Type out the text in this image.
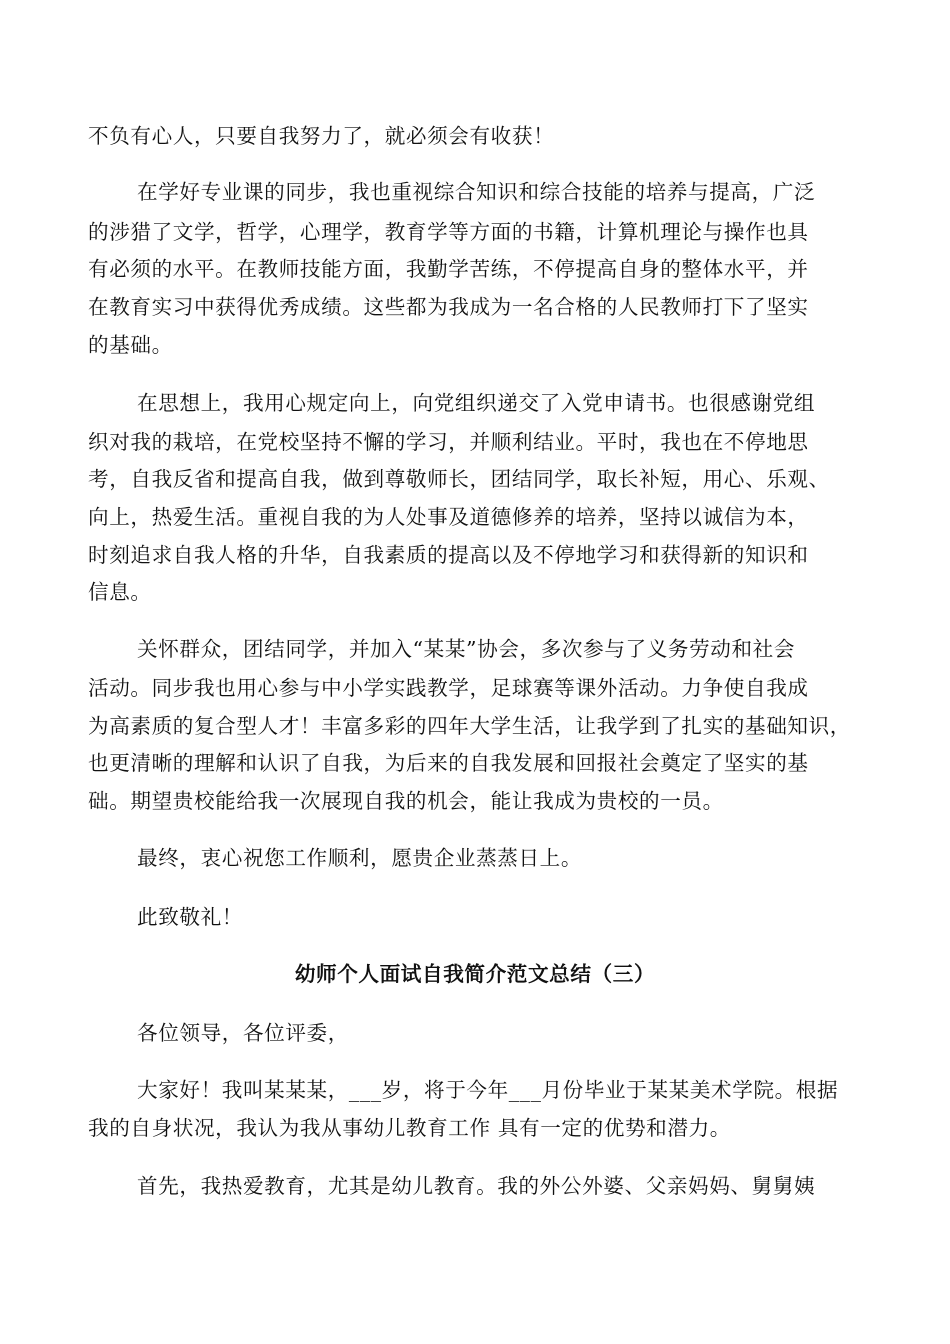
不负有心人，只要自我努力了，就必须会有收获！
在学好专业课的同步，我也重视综合知识和综合技能的培养与提高，广泛
的涉猎了文学，哲学，心理学，教育学等方面的书籍，计算机理论与操作也具
有必须的水平。在教师技能方面，我勤学苦练，不停提高自身的整体水平，并
在教育实习中获得优秀成绩。这些都为我成为一名合格的人民教师打下了坚实
的基础。
在思想上，我用心规定向上，向党组织递交了入党申请书。也很感谢党组
织对我的栽培，在党校坚持不懈的学习，并顺利结业。平时，我也在不停地思
考，自我反省和提高自我，做到尊敬师长，团结同学，取长补短，用心、乐观、
向上，热爱生活。重视自我的为人处事及道德修养的培养，坚持以诚信为本，
时刻追求自我人格的升华，自我素质的提高以及不停地学习和获得新的知识和
信息。
关怀群众，团结同学，并加入“某某”协会，多次参与了义务劳动和社会
活动。同步我也用心参与中小学实践教学，足球赛等课外活动。力争使自我成
为高素质的复合型人才！丰富多彩的四年大学生活，让我学到了扎实的基础知识，
也更清晰的理解和认识了自我，为后来的自我发展和回报社会奠定了坚实的基
础。期望贵校能给我一次展现自我的机会，能让我成为贵校的一员。
最终，衷心祝您工作顺利，愿贵企业蒸蒸日上。
此致敬礼！
幼师个人面试自我简介范文总结（三）
各位领导，各位评委，
大家好！我叫某某某，___岁，将于今年___月份毕业于某某美术学院。根据
我的自身状况，我认为我从事幼儿教育工作 具有一定的优势和潜力。
首先，我热爱教育，尤其是幼儿教育。我的外公外婆、父亲妈妈、舅舅姨
